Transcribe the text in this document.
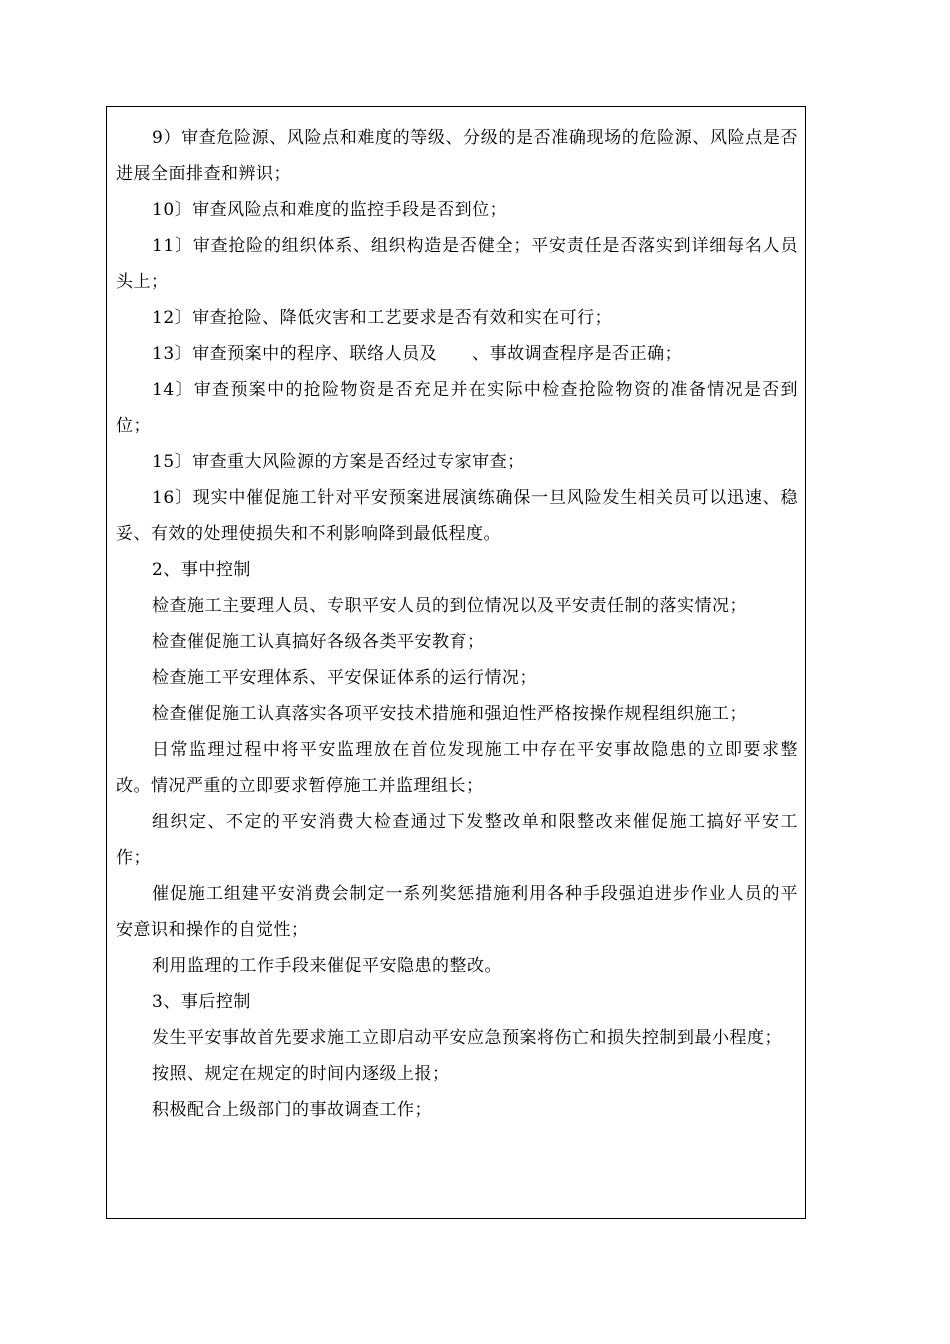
9）审查危险源、风险点和难度的等级、分级的是否准确现场的危险源、风险点是否进展全面排查和辨识；

10〕审查风险点和难度的监控手段是否到位；

11〕审查抢险的组织体系、组织构造是否健全；平安责任是否落实到详细每名人员头上；

12〕审查抢险、降低灾害和工艺要求是否有效和实在可行；

13〕审查预案中的程序、联络人员及　　、事故调查程序是否正确；

14〕审查预案中的抢险物资是否充足并在实际中检查抢险物资的准备情况是否到位；

15〕审查重大风险源的方案是否经过专家审查；

16〕现实中催促施工针对平安预案进展演练确保一旦风险发生相关员可以迅速、稳妥、有效的处理使损失和不利影响降到最低程度。

2、事中控制

检查施工主要理人员、专职平安人员的到位情况以及平安责任制的落实情况；

检查催促施工认真搞好各级各类平安教育；

检查施工平安理体系、平安保证体系的运行情况；

检查催促施工认真落实各项平安技术措施和强迫性严格按操作规程组织施工；

日常监理过程中将平安监理放在首位发现施工中存在平安事故隐患的立即要求整改。情况严重的立即要求暂停施工并监理组长；

组织定、不定的平安消费大检查通过下发整改单和限整改来催促施工搞好平安工作；

催促施工组建平安消费会制定一系列奖惩措施利用各种手段强迫进步作业人员的平安意识和操作的自觉性；

利用监理的工作手段来催促平安隐患的整改。

3、事后控制

发生平安事故首先要求施工立即启动平安应急预案将伤亡和损失控制到最小程度；

按照、规定在规定的时间内逐级上报；

积极配合上级部门的事故调查工作；
